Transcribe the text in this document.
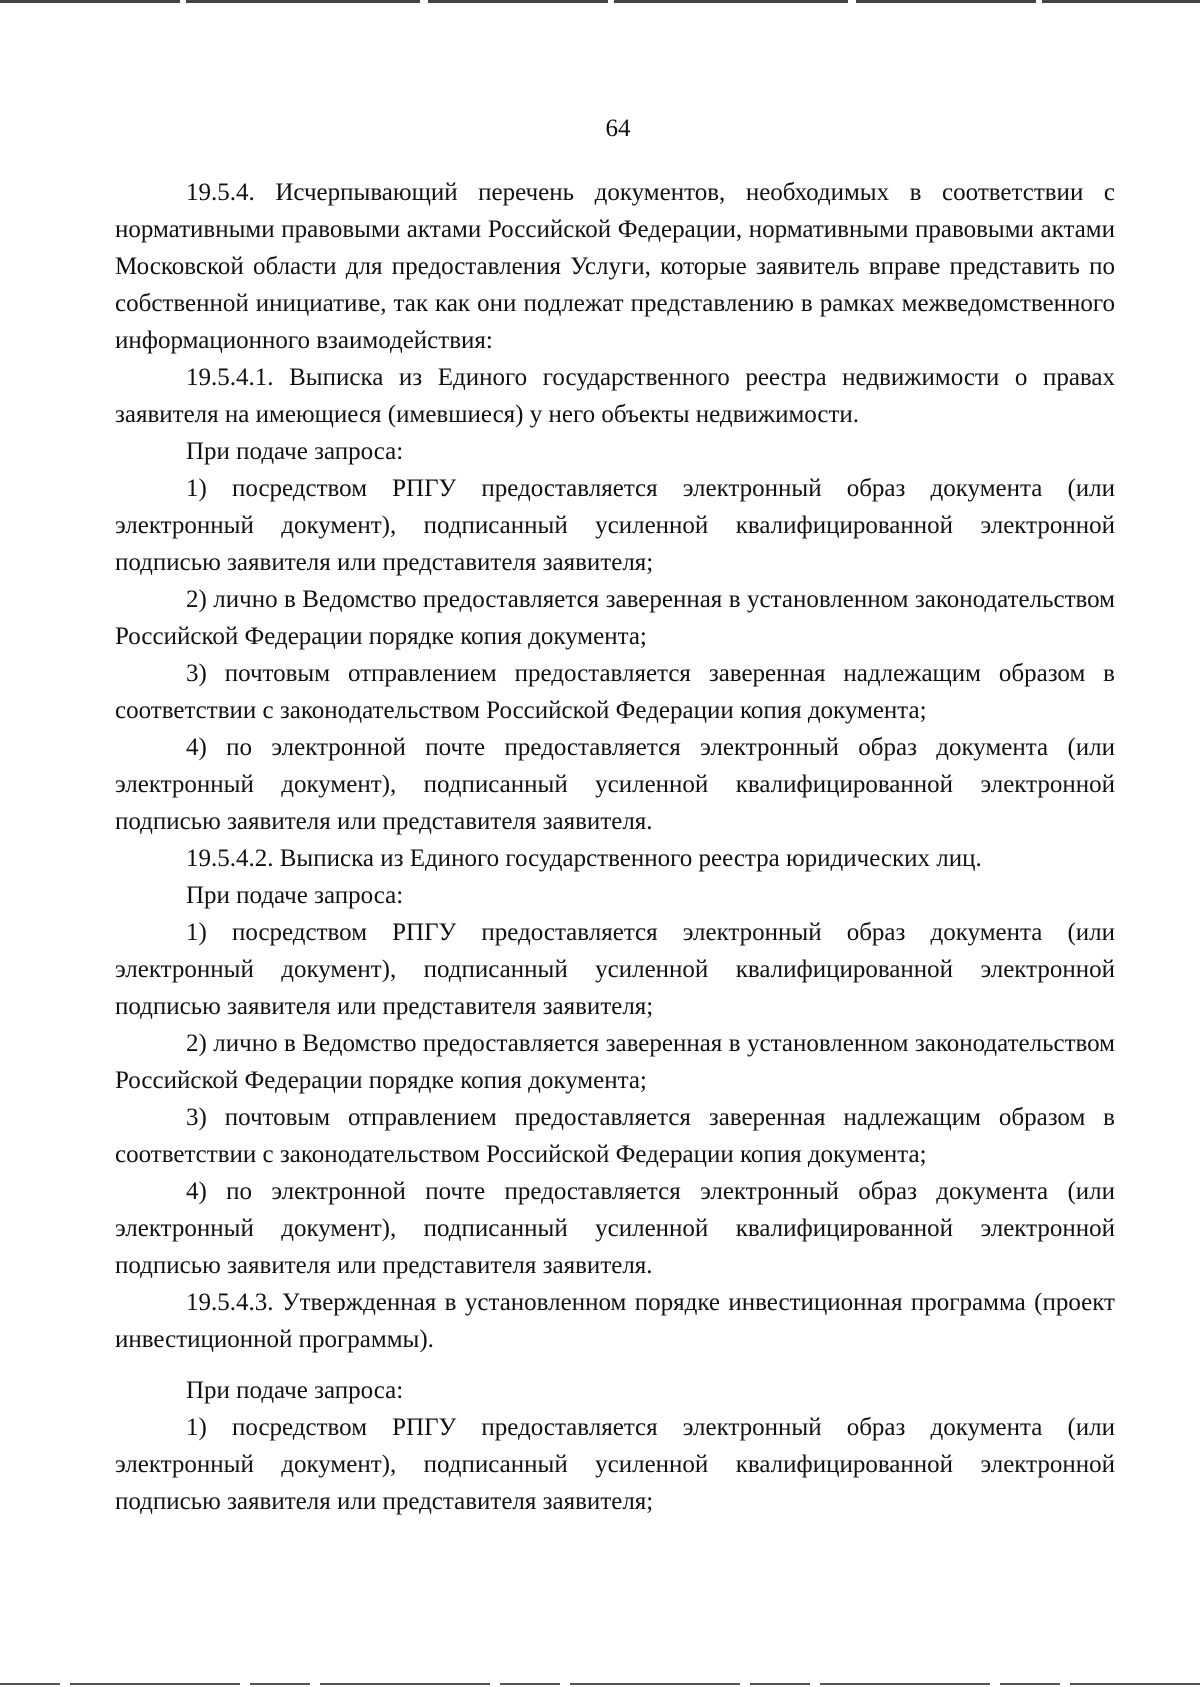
64

19.5.4. Исчерпывающий перечень документов, необходимых в соответствии с нормативными правовыми актами Российской Федерации, нормативными правовыми актами Московской области для предоставления Услуги, которые заявитель вправе представить по собственной инициативе, так как они подлежат представлению в рамках межведомственного информационного взаимодействия:

19.5.4.1. Выписка из Единого государственного реестра недвижимости о правах заявителя на имеющиеся (имевшиеся) у него объекты недвижимости.

При подаче запроса:

1) посредством РПГУ предоставляется электронный образ документа (или электронный документ), подписанный усиленной квалифицированной электронной подписью заявителя или представителя заявителя;

2) лично в Ведомство предоставляется заверенная в установленном законодательством Российской Федерации порядке копия документа;

3) почтовым отправлением предоставляется заверенная надлежащим образом в соответствии с законодательством Российской Федерации копия документа;

4) по электронной почте предоставляется электронный образ документа (или электронный документ), подписанный усиленной квалифицированной электронной подписью заявителя или представителя заявителя.

19.5.4.2. Выписка из Единого государственного реестра юридических лиц.

При подаче запроса:

1) посредством РПГУ предоставляется электронный образ документа (или электронный документ), подписанный усиленной квалифицированной электронной подписью заявителя или представителя заявителя;

2) лично в Ведомство предоставляется заверенная в установленном законодательством Российской Федерации порядке копия документа;

3) почтовым отправлением предоставляется заверенная надлежащим образом в соответствии с законодательством Российской Федерации копия документа;

4) по электронной почте предоставляется электронный образ документа (или электронный документ), подписанный усиленной квалифицированной электронной подписью заявителя или представителя заявителя.

19.5.4.3. Утвержденная в установленном порядке инвестиционная программа (проект инвестиционной программы).

При подаче запроса:

1) посредством РПГУ предоставляется электронный образ документа (или электронный документ), подписанный усиленной квалифицированной электронной подписью заявителя или представителя заявителя;
